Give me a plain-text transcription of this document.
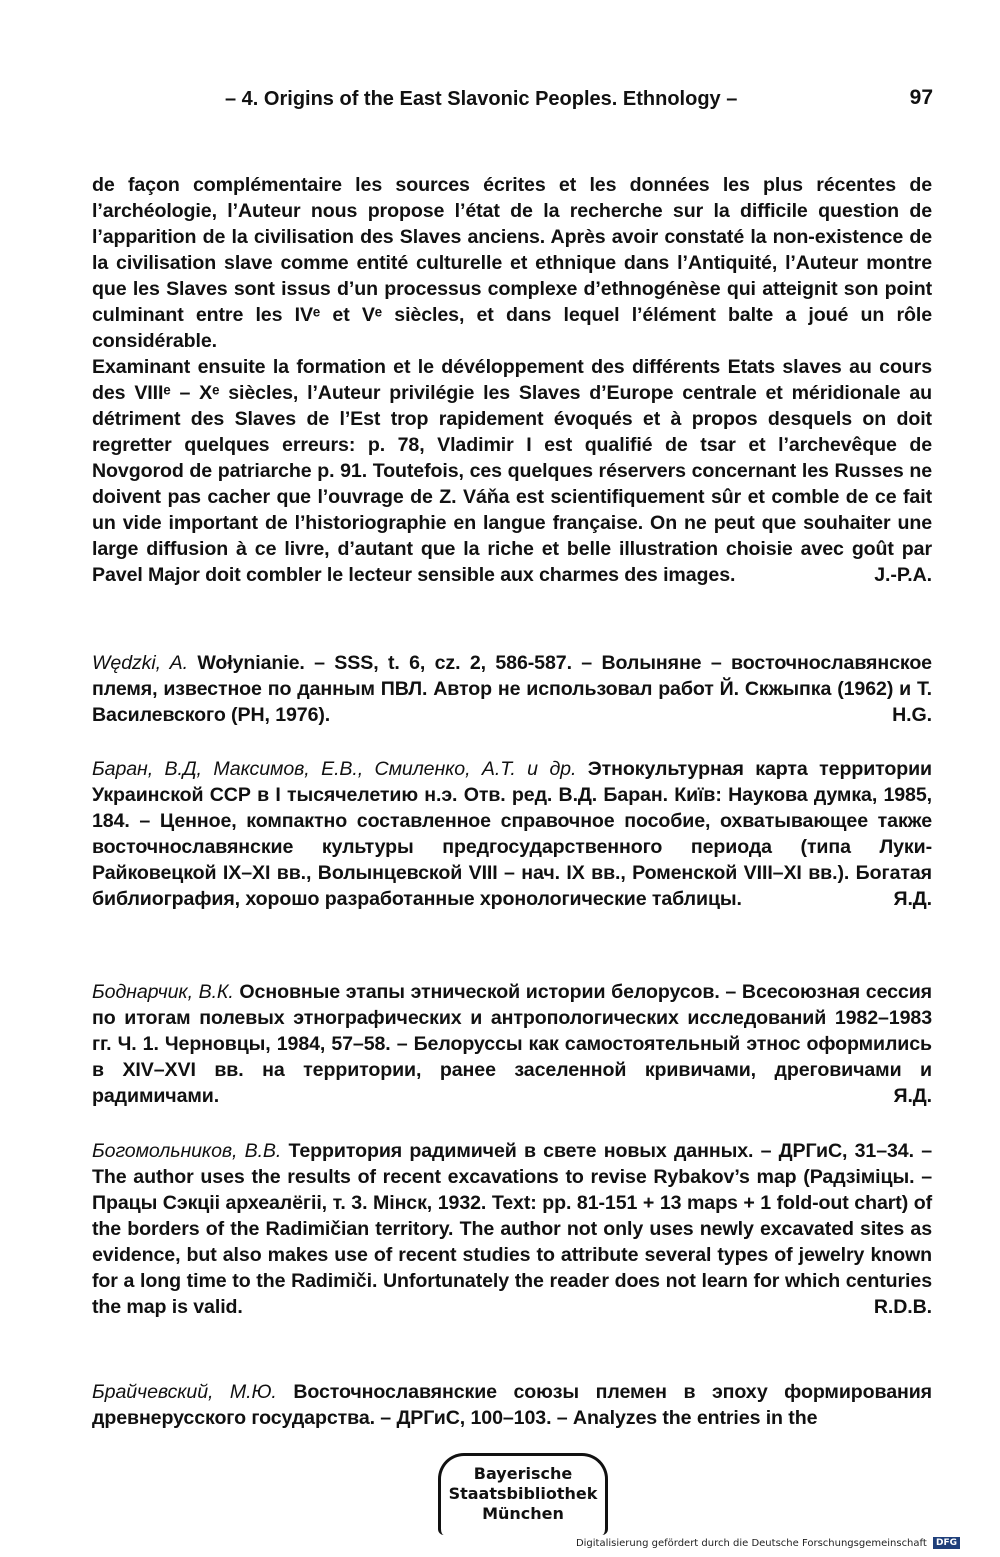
– 4. Origins of the East Slavonic Peoples. Ethnology –	97

de façon complémentaire les sources écrites et les données les plus récentes de l’archéologie, l’Auteur nous propose l’état de la recherche sur la difficile question de l’apparition de la civilisation des Slaves anciens. Après avoir constaté la non-existence de la civilisation slave comme entité culturelle et ethnique dans l’Antiquité, l’Auteur montre que les Slaves sont issus d’un processus complexe d’ethnogénèse qui atteignit son point culminant entre les IVᵉ et Vᵉ siècles, et dans lequel l’élément balte a joué un rôle considérable.

Examinant ensuite la formation et le dévéloppement des différents Etats slaves au cours des VIIIᵉ – Xᵉ siècles, l’Auteur privilégie les Slaves d’Europe centrale et méridionale au détriment des Slaves de l’Est trop rapidement évoqués et à propos desquels on doit regretter quelques erreurs: p. 78, Vladimir I est qualifié de tsar et l’archevêque de Novgorod de patriarche p. 91. Toutefois, ces quelques réservers concernant les Russes ne doivent pas cacher que l’ouvrage de Z. Váňa est scientifiquement sûr et comble de ce fait un vide important de l’historiographie en langue française. On ne peut que souhaiter une large diffusion à ce livre, d’autant que la riche et belle illustration choisie avec goût par Pavel Major doit combler le lecteur sensible aux charmes des images.	J.-P.A.

Wędzki, A. Wołynianie. – SSS, t. 6, cz. 2, 586-587. – Волыняне – восточнославянское племя, известное по данным ПВЛ. Автор не использовал работ Й. Скжыпка (1962) и Т. Василевского (PH, 1976).	H.G.

Баран, В.Д, Максимов, Е.В., Смиленко, А.Т. и др. Этнокультурная карта территории Украинской ССР в I тысячелетию н.э. Отв. ред. В.Д. Баран. Київ: Наукова думка, 1985, 184. – Ценное, компактно составленное справочное пособие, охватывающее также восточнославянские культуры предгосударственного периода (типа Луки-Райковецкой IX–XI вв., Волынцевской VIII – нач. IX вв., Роменской VIII–XI вв.). Богатая библиография, хорошо разработанные хронологические таблицы.	Я.Д.

Боднарчик, В.К. Основные этапы этнической истории белорусов. – Всесоюзная сессия по итогам полевых этнографических и антропологических исследований 1982–1983 гг. Ч. 1. Черновцы, 1984, 57–58. – Белоруссы как самостоятельный этнос оформились в XIV–XVI вв. на территории, ранее заселенной кривичами, дреговичами и радимичами.	Я.Д.

Богомольников, В.В. Территория радимичей в свете новых данных. – ДРГиС, 31–34. – The author uses the results of recent excavations to revise Rybakov’s map (Радзіміцы. – Працы Сэкцii археалёгii, т. 3. Мінск, 1932. Text: pp. 81-151 + 13 maps + 1 fold-out chart) of the borders of the Radimičian territory. The author not only uses newly excavated sites as evidence, but also makes use of recent studies to attribute several types of jewelry known for a long time to the Radimiči. Unfortunately the reader does not learn for which centuries the map is valid.	R.D.B.

Брайчевский, М.Ю. Восточнославянские союзы племен в эпоху формирования древнерусского государства. – ДРГиС, 100–103. – Analyzes the entries in the

Bayerische
Staatsbibliothek
München
Digitalisierung gefördert durch die Deutsche Forschungsgemeinschaft DFG
